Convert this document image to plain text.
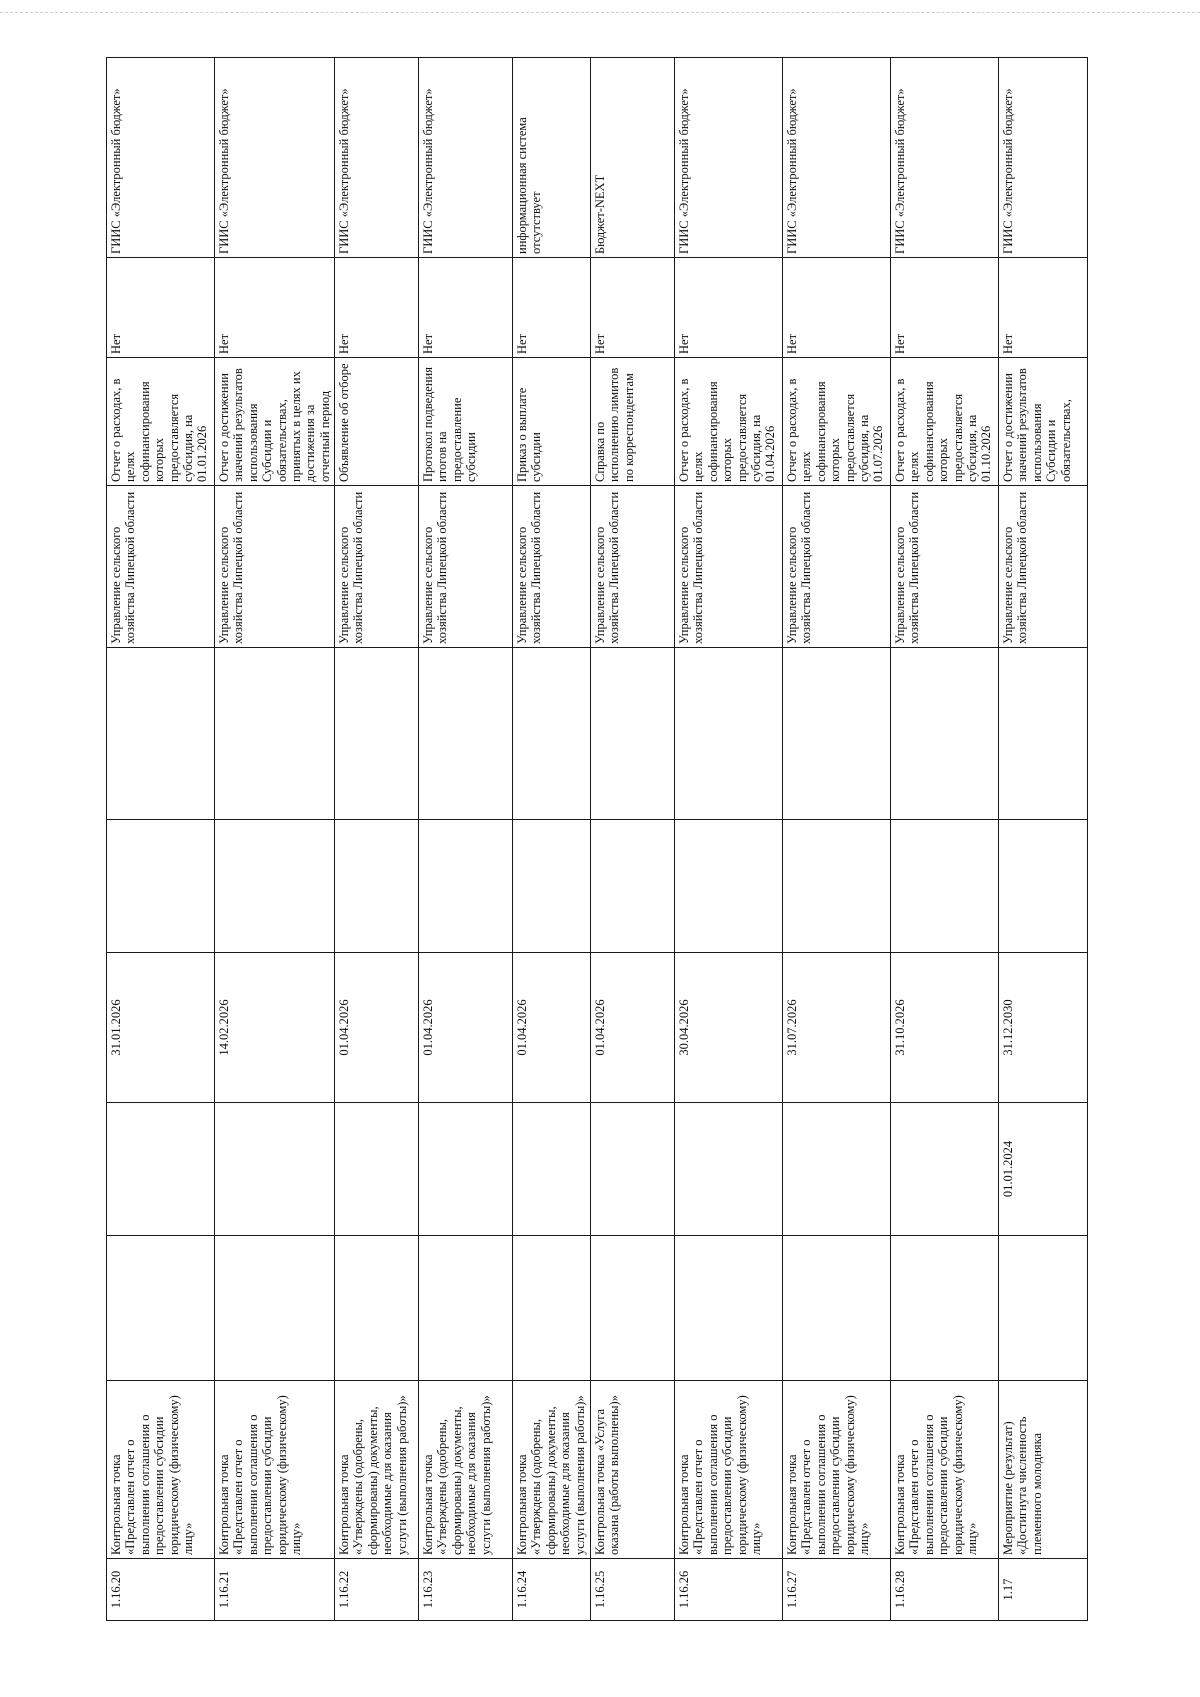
1.16.20	Контрольная точка «Представлен отчет о выполнении соглашения о предоставлении субсидии юридическому (физическому) лицу»			31.01.2026			Управление сельского хозяйства Липецкой области	Отчет о расходах, в целях софинансирования которых предоставляется субсидия, на 01.01.2026	Нет	ГИИС «Электронный бюджет»
1.16.21	Контрольная точка «Представлен отчет о выполнении соглашения о предоставлении субсидии юридическому (физическому) лицу»			14.02.2026			Управление сельского хозяйства Липецкой области	Отчет о достижении значений результатов использования Субсидии и обязательствах, принятых в целях их достижения за отчетный период	Нет	ГИИС «Электронный бюджет»
1.16.22	Контрольная точка «Утверждены (одобрены, сформированы) документы, необходимые для оказания услуги (выполнения работы)»			01.04.2026			Управление сельского хозяйства Липецкой области	Объявление об отборе	Нет	ГИИС «Электронный бюджет»
1.16.23	Контрольная точка «Утверждены (одобрены, сформированы) документы, необходимые для оказания услуги (выполнения работы)»			01.04.2026			Управление сельского хозяйства Липецкой области	Протокол подведения итогов на предоставление субсидии	Нет	ГИИС «Электронный бюджет»
1.16.24	Контрольная точка «Утверждены (одобрены, сформированы) документы, необходимые для оказания услуги (выполнения работы)»			01.04.2026			Управление сельского хозяйства Липецкой области	Приказ о выплате субсидии	Нет	информационная система отсутствует
1.16.25	Контрольная точка «Услуга оказана (работы выполнены)»			01.04.2026			Управление сельского хозяйства Липецкой области	Справка по исполнению лимитов по корреспондентам	Нет	Бюджет-NEXT
1.16.26	Контрольная точка «Представлен отчет о выполнении соглашения о предоставлении субсидии юридическому (физическому) лицу»			30.04.2026			Управление сельского хозяйства Липецкой области	Отчет о расходах, в целях софинансирования которых предоставляется субсидия, на 01.04.2026	Нет	ГИИС «Электронный бюджет»
1.16.27	Контрольная точка «Представлен отчет о выполнении соглашения о предоставлении субсидии юридическому (физическому) лицу»			31.07.2026			Управление сельского хозяйства Липецкой области	Отчет о расходах, в целях софинансирования которых предоставляется субсидия, на 01.07.2026	Нет	ГИИС «Электронный бюджет»
1.16.28	Контрольная точка «Представлен отчет о выполнении соглашения о предоставлении субсидии юридическому (физическому) лицу»			31.10.2026			Управление сельского хозяйства Липецкой области	Отчет о расходах, в целях софинансирования которых предоставляется субсидия, на 01.10.2026	Нет	ГИИС «Электронный бюджет»
1.17	Мероприятие (результат) «Достигнута численность племенного молодняка		01.01.2024	31.12.2030			Управление сельского хозяйства Липецкой области	Отчет о достижении значений результатов использования Субсидии и обязательствах,	Нет	ГИИС «Электронный бюджет»
